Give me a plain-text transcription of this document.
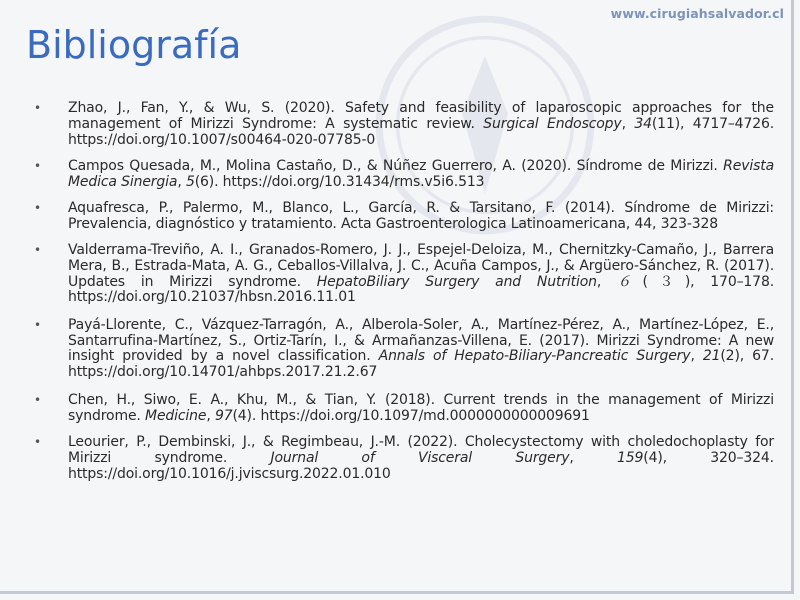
www.cirugiahsalvador.cl
Bibliografía
• Zhao, J., Fan, Y., & Wu, S. (2020). Safety and feasibility of laparoscopic approaches for the management of Mirizzi Syndrome: A systematic review. Surgical Endoscopy, 34(11), 4717–4726. https://doi.org/10.1007/s00464-020-07785-0
• Campos Quesada, M., Molina Castaño, D., & Núñez Guerrero, A. (2020). Síndrome de Mirizzi. Revista Medica Sinergia, 5(6). https://doi.org/10.31434/rms.v5i6.513
• Aquafresca, P., Palermo, M., Blanco, L., García, R. & Tarsitano, F. (2014). Síndrome de Mirizzi: Prevalencia, diagnóstico y tratamiento. Acta Gastroenterologica Latinoamericana, 44, 323-328
• Valderrama-Treviño, A. I., Granados-Romero, J. J., Espejel-Deloiza, M., Chernitzky-Camaño, J., Barrera Mera, B., Estrada-Mata, A. G., Ceballos-Villalva, J. C., Acuña Campos, J., & Argüero-Sánchez, R. (2017). Updates in Mirizzi syndrome. HepatoBiliary Surgery and Nutrition, ６(３), 170–178. https://doi.org/10.21037/hbsn.2016.11.01
• Payá-Llorente, C., Vázquez-Tarragón, A., Alberola-Soler, A., Martínez-Pérez, A., Martínez-López, E., Santarrufina-Martínez, S., Ortiz-Tarín, I., & Armañanzas-Villena, E. (2017). Mirizzi Syndrome: A new insight provided by a novel classification. Annals of Hepato-Biliary-Pancreatic Surgery, 21(2), 67. https://doi.org/10.14701/ahbps.2017.21.2.67
• Chen, H., Siwo, E. A., Khu, M., & Tian, Y. (2018). Current trends in the management of Mirizzi syndrome. Medicine, 97(4). https://doi.org/10.1097/md.0000000000009691
• Leourier, P., Dembinski, J., & Regimbeau, J.-M. (2022). Cholecystectomy with choledochoplasty for Mirizzi syndrome. Journal of Visceral Surgery, 159(4), 320–324. https://doi.org/10.1016/j.jviscsurg.2022.01.010
